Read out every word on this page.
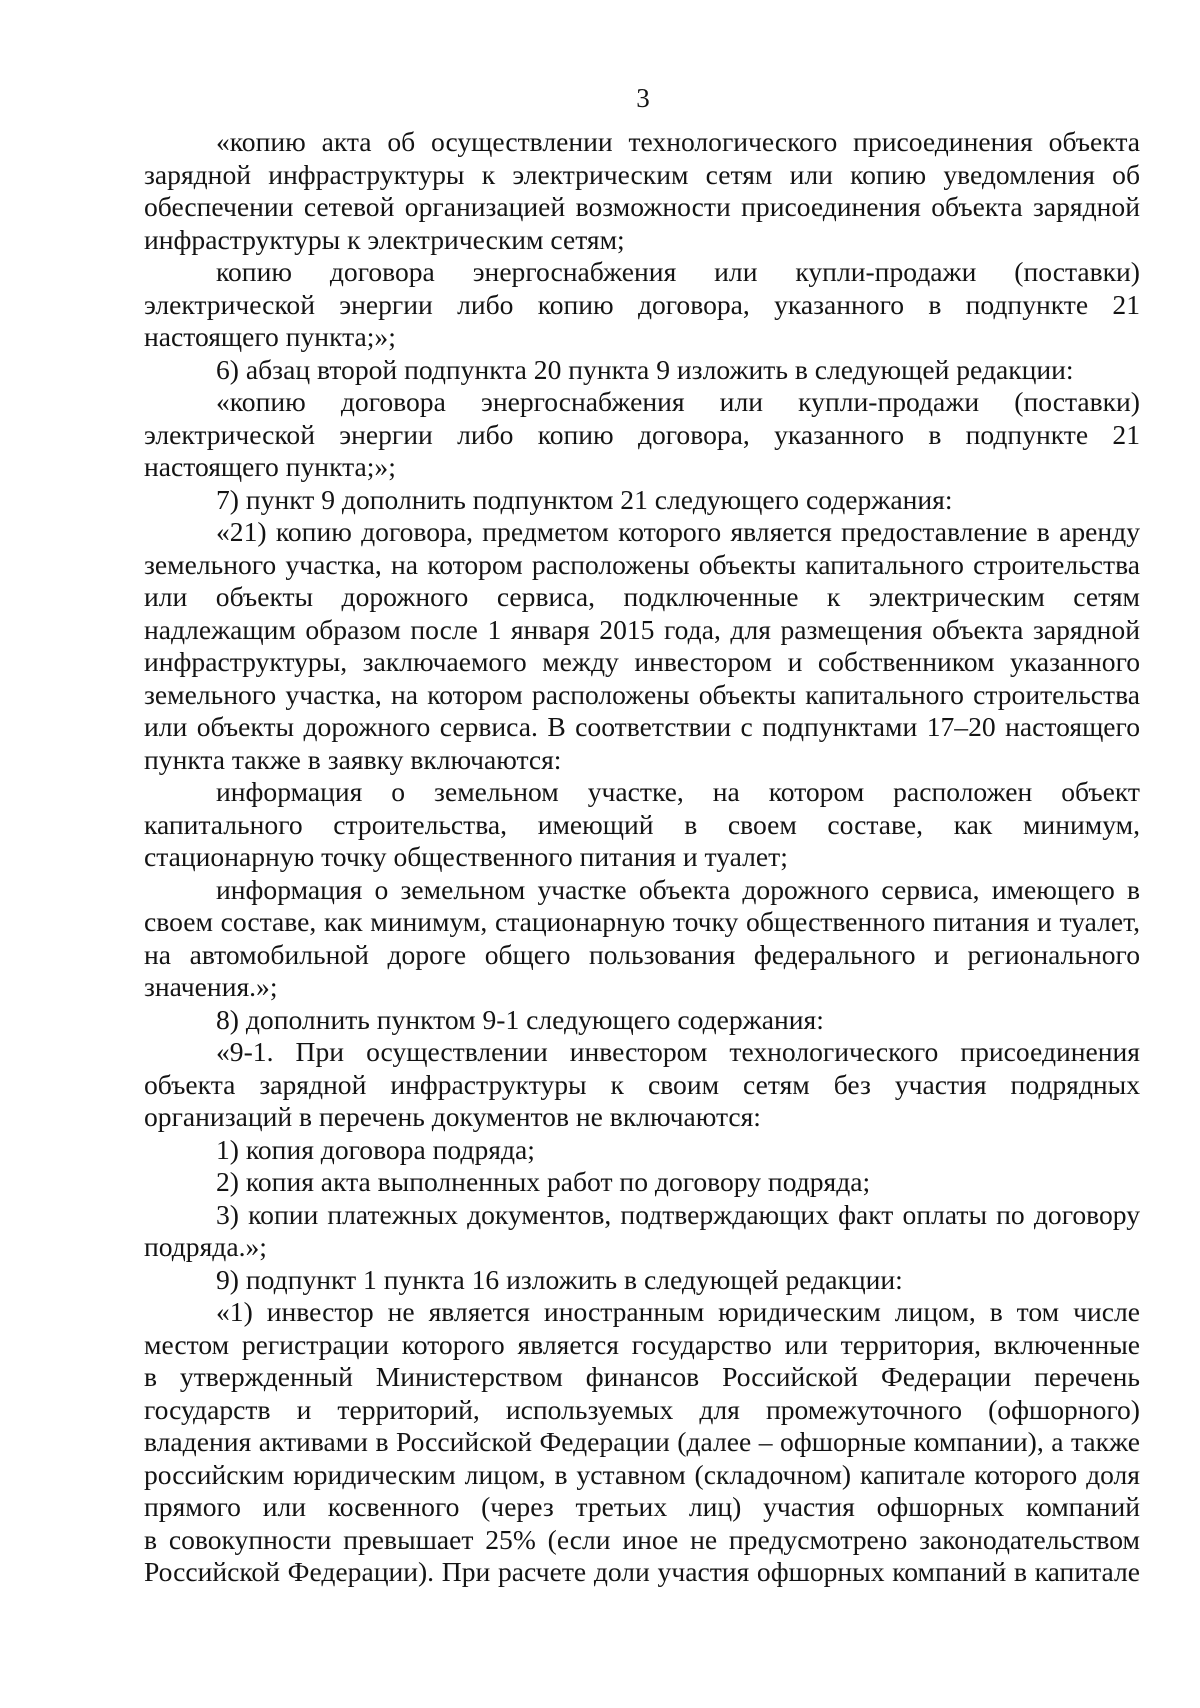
3
«копию акта об осуществлении технологического присоединения объекта
зарядной инфраструктуры к электрическим сетям или копию уведомления об
обеспечении сетевой организацией возможности присоединения объекта зарядной
инфраструктуры к электрическим сетям;
копию договора энергоснабжения или купли-продажи (поставки)
электрической энергии либо копию договора, указанного в подпункте 21
настоящего пункта;»;
6) абзац второй подпункта 20 пункта 9 изложить в следующей редакции:
«копию договора энергоснабжения или купли-продажи (поставки)
электрической энергии либо копию договора, указанного в подпункте 21
настоящего пункта;»;
7) пункт 9 дополнить подпунктом 21 следующего содержания:
«21) копию договора, предметом которого является предоставление в аренду
земельного участка, на котором расположены объекты капитального строительства
или объекты дорожного сервиса, подключенные к электрическим сетям
надлежащим образом после 1 января 2015 года, для размещения объекта зарядной
инфраструктуры, заключаемого между инвестором и собственником указанного
земельного участка, на котором расположены объекты капитального строительства
или объекты дорожного сервиса. В соответствии с подпунктами 17–20 настоящего
пункта также в заявку включаются:
информация о земельном участке, на котором расположен объект
капитального строительства, имеющий в своем составе, как минимум,
стационарную точку общественного питания и туалет;
информация о земельном участке объекта дорожного сервиса, имеющего в
своем составе, как минимум, стационарную точку общественного питания и туалет,
на автомобильной дороге общего пользования федерального и регионального
значения.»;
8) дополнить пунктом 9-1 следующего содержания:
«9-1. При осуществлении инвестором технологического присоединения
объекта зарядной инфраструктуры к своим сетям без участия подрядных
организаций в перечень документов не включаются:
1) копия договора подряда;
2) копия акта выполненных работ по договору подряда;
3) копии платежных документов, подтверждающих факт оплаты по договору
подряда.»;
9) подпункт 1 пункта 16 изложить в следующей редакции:
«1) инвестор не является иностранным юридическим лицом, в том числе
местом регистрации которого является государство или территория, включенные
в утвержденный Министерством финансов Российской Федерации перечень
государств и территорий, используемых для промежуточного (офшорного)
владения активами в Российской Федерации (далее – офшорные компании), а также
российским юридическим лицом, в уставном (складочном) капитале которого доля
прямого или косвенного (через третьих лиц) участия офшорных компаний
в совокупности превышает 25% (если иное не предусмотрено законодательством
Российской Федерации). При расчете доли участия офшорных компаний в капитале
